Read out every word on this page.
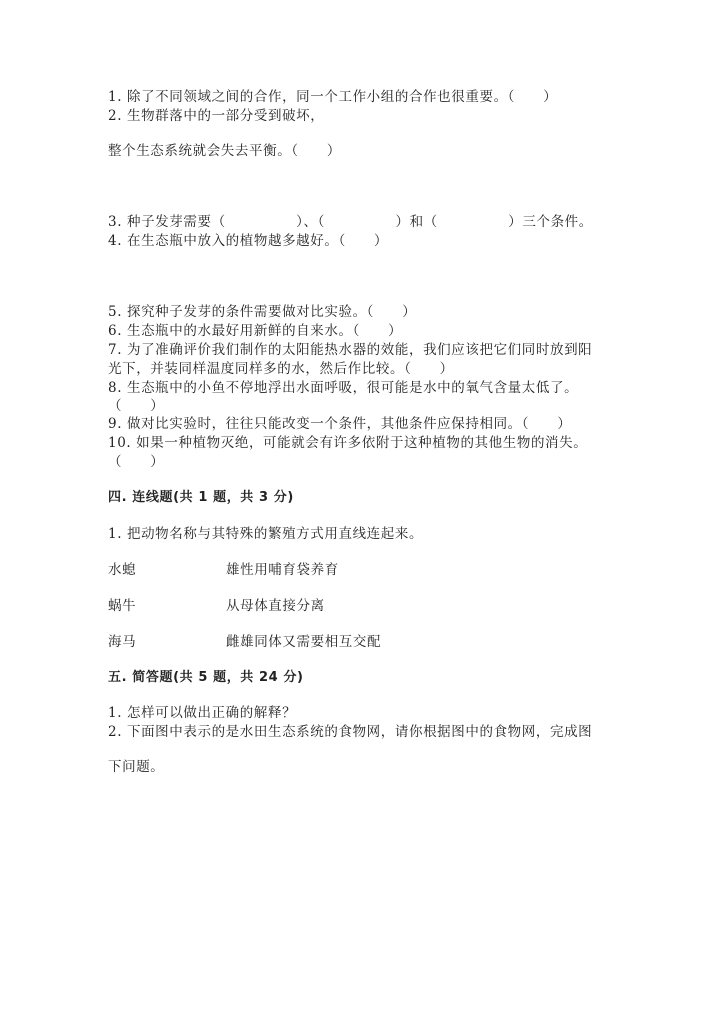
1. 除了不同领域之间的合作，同一个工作小组的合作也很重要。（　　）
2. 生物群落中的一部分受到破坏，
整个生态系统就会失去平衡。（　　）
3. 种子发芽需要（　　　　　）、（　　　　　）和（　　　　　）三个条件。
4. 在生态瓶中放入的植物越多越好。（　　）
5. 探究种子发芽的条件需要做对比实验。（　　）
6. 生态瓶中的水最好用新鲜的自来水。（　　）
7. 为了准确评价我们制作的太阳能热水器的效能，我们应该把它们同时放到阳
光下，并装同样温度同样多的水，然后作比较。（　　）
8. 生态瓶中的小鱼不停地浮出水面呼吸，很可能是水中的氧气含量太低了。
（　　）
9. 做对比实验时，往往只能改变一个条件，其他条件应保持相同。（　　）
10. 如果一种植物灭绝，可能就会有许多依附于这种植物的其他生物的消失。
（　　）
四. 连线题(共 1 题，共 3 分)
1. 把动物名称与其特殊的繁殖方式用直线连起来。
水螅	雄性用哺育袋养育
蜗牛	从母体直接分离
海马	雌雄同体又需要相互交配
五. 简答题(共 5 题，共 24 分)
1. 怎样可以做出正确的解释？
2. 下面图中表示的是水田生态系统的食物网，请你根据图中的食物网，完成图
下问题。
